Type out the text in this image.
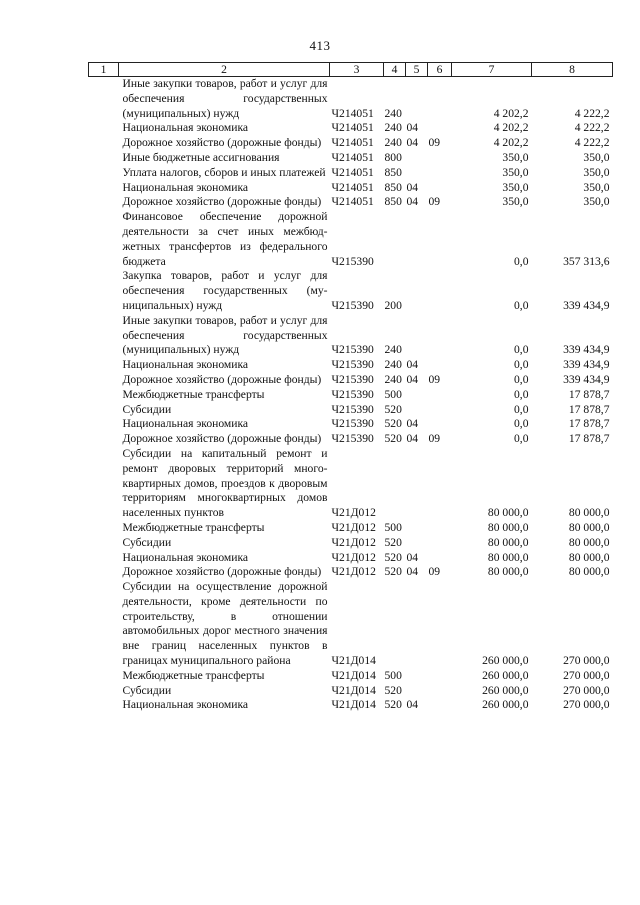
413
1	2	3	4	5	6	7	8
	Иные закупки товаров, работ и услуг для обеспечения государственных (муниципальных) нужд	Ч214051	240			4 202,2	4 222,2
	Национальная экономика	Ч214051	240	04		4 202,2	4 222,2
	Дорожное хозяйство (дорожные фонды)	Ч214051	240	04	09	4 202,2	4 222,2
	Иные бюджетные ассигнования	Ч214051	800			350,0	350,0
	Уплата налогов, сборов и иных платежей	Ч214051	850			350,0	350,0
	Национальная экономика	Ч214051	850	04		350,0	350,0
	Дорожное хозяйство (дорожные фонды)	Ч214051	850	04	09	350,0	350,0
	Финансовое обеспечение дорожной деятельности за счет иных межбюджетных трансфертов из федерального бюджета	Ч215390				0,0	357 313,6
	Закупка товаров, работ и услуг для обеспечения государственных (муниципальных) нужд	Ч215390	200			0,0	339 434,9
	Иные закупки товаров, работ и услуг для обеспечения государственных (муниципальных) нужд	Ч215390	240			0,0	339 434,9
	Национальная экономика	Ч215390	240	04		0,0	339 434,9
	Дорожное хозяйство (дорожные фонды)	Ч215390	240	04	09	0,0	339 434,9
	Межбюджетные трансферты	Ч215390	500			0,0	17 878,7
	Субсидии	Ч215390	520			0,0	17 878,7
	Национальная экономика	Ч215390	520	04		0,0	17 878,7
	Дорожное хозяйство (дорожные фонды)	Ч215390	520	04	09	0,0	17 878,7
	Субсидии на капитальный ремонт и ремонт дворовых территорий многоквартирных домов, проездов к дворовым территориям многоквартирных домов населенных пунктов	Ч21Д012				80 000,0	80 000,0
	Межбюджетные трансферты	Ч21Д012	500			80 000,0	80 000,0
	Субсидии	Ч21Д012	520			80 000,0	80 000,0
	Национальная экономика	Ч21Д012	520	04		80 000,0	80 000,0
	Дорожное хозяйство (дорожные фонды)	Ч21Д012	520	04	09	80 000,0	80 000,0
	Субсидии на осуществление дорожной деятельности, кроме деятельности по строительству, в отношении автомобильных дорог местного значения вне границ населенных пунктов в границах муниципального района	Ч21Д014				260 000,0	270 000,0
	Межбюджетные трансферты	Ч21Д014	500			260 000,0	270 000,0
	Субсидии	Ч21Д014	520			260 000,0	270 000,0
	Национальная экономика	Ч21Д014	520	04		260 000,0	270 000,0
